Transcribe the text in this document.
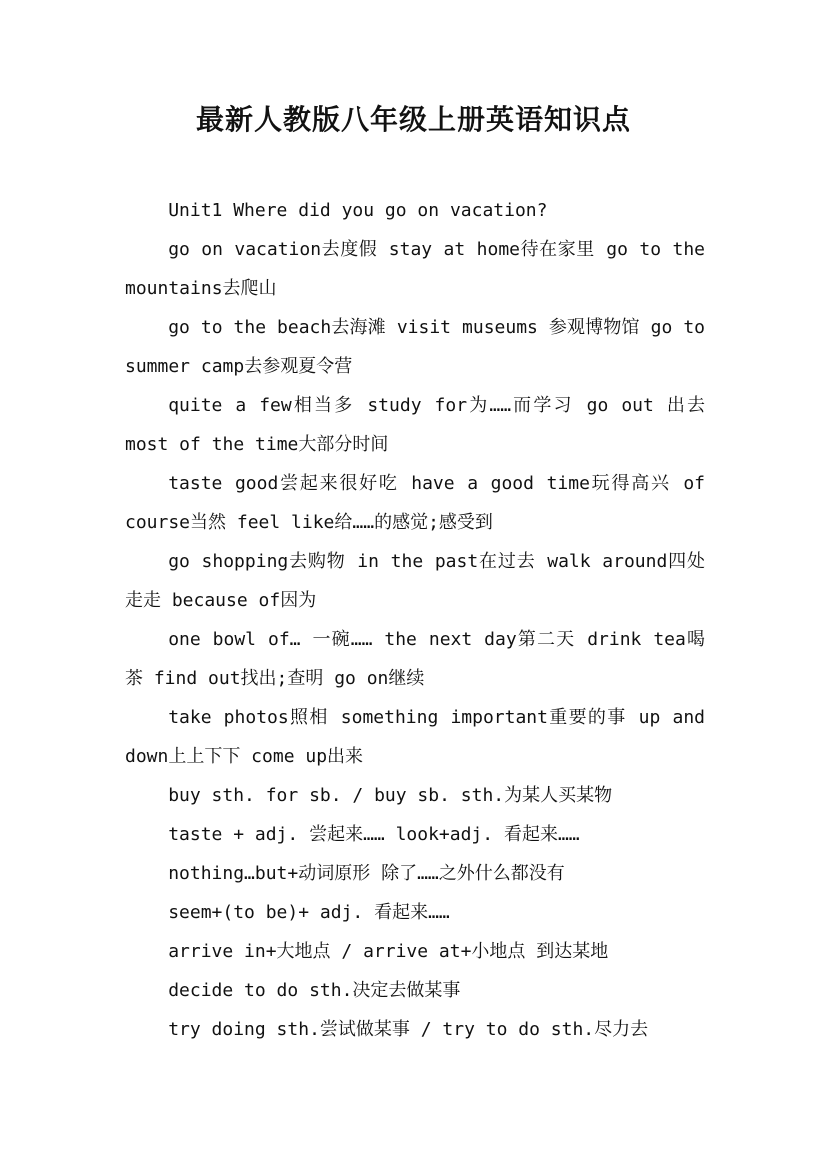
最新人教版八年级上册英语知识点

Unit1 Where did you go on vacation?

go on vacation去度假 stay at home待在家里 go to the mountains去爬山

go to the beach去海滩 visit museums 参观博物馆 go to summer camp去参观夏令营

quite a few相当多 study for为……而学习 go out 出去 most of the time大部分时间

taste good尝起来很好吃 have a good time玩得高兴 of course当然 feel like给……的感觉;感受到

go shopping去购物 in the past在过去 walk around四处走走 because of因为

one bowl of… 一碗…… the next day第二天 drink tea喝茶 find out找出;查明 go on继续

take photos照相 something important重要的事 up and down上上下下 come up出来

buy sth. for sb. / buy sb. sth.为某人买某物

taste + adj. 尝起来…… look+adj. 看起来……

nothing…but+动词原形 除了……之外什么都没有

seem+(to be)+ adj. 看起来……

arrive in+大地点 / arrive at+小地点 到达某地

decide to do sth.决定去做某事

try doing sth.尝试做某事 / try to do sth.尽力去
